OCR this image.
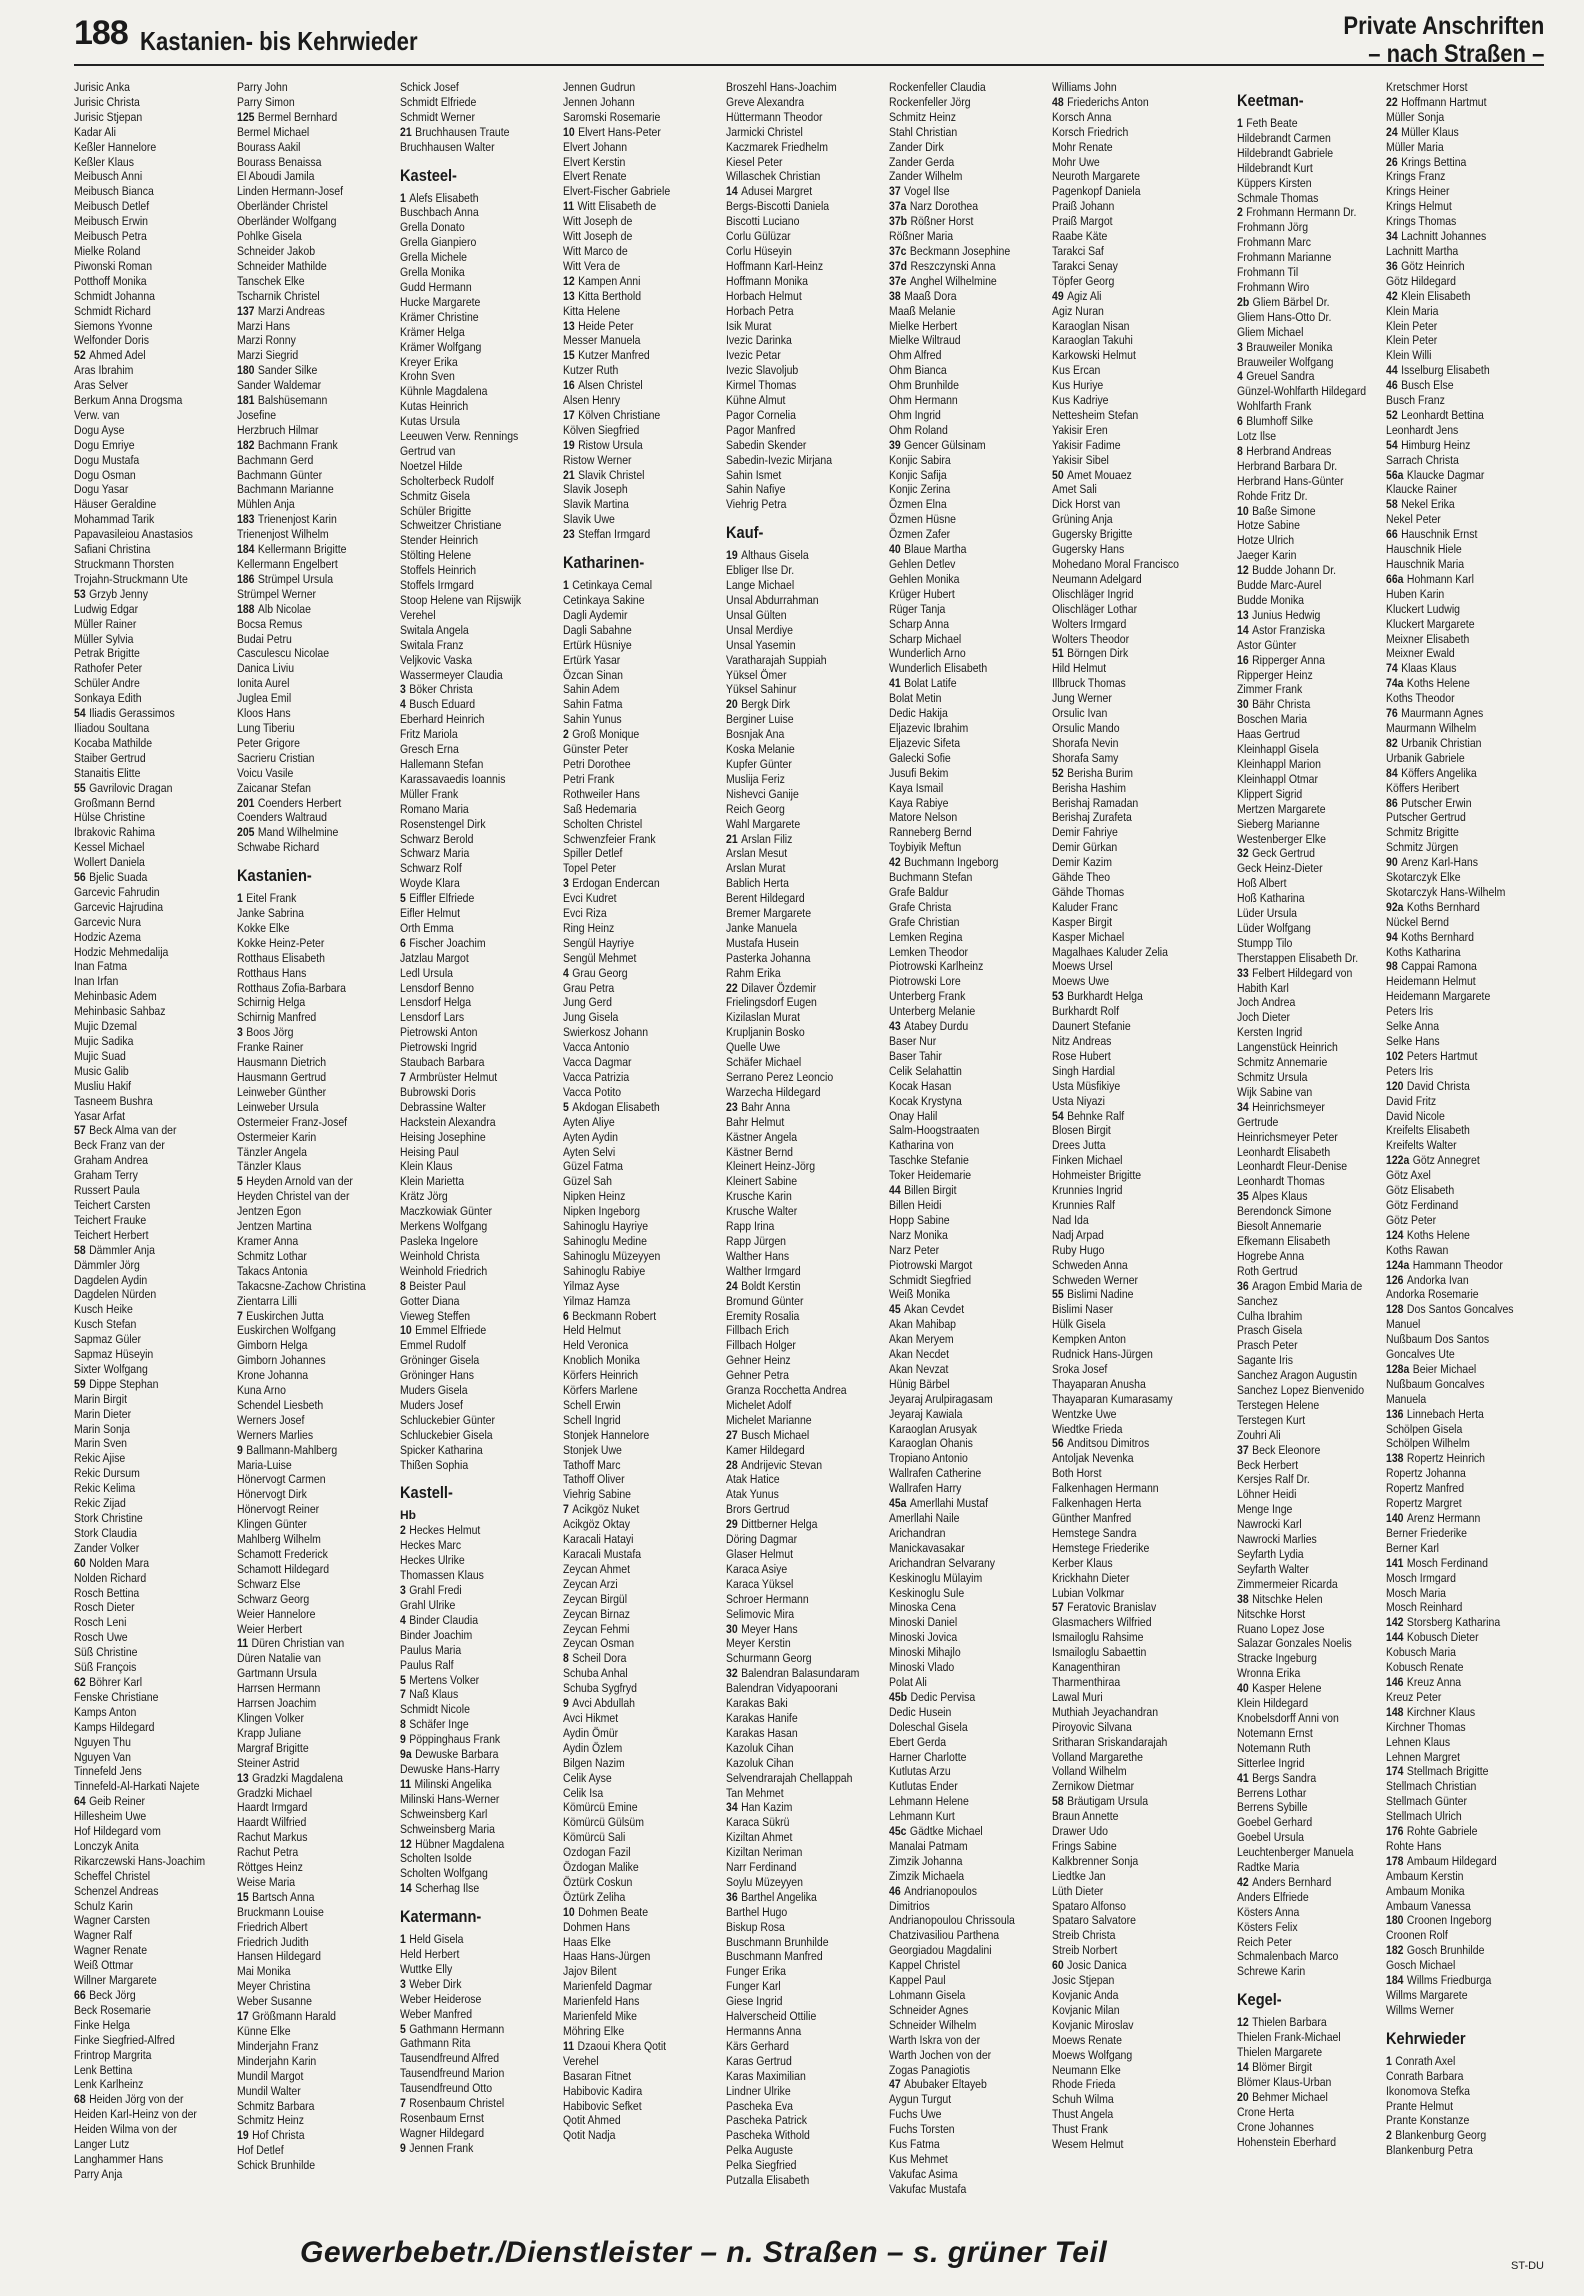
188 Kastanien- bis Kehrwieder	Private Anschriften
– nach Straßen –
Jurisic Anka
Jurisic Christa
Jurisic Stjepan
Kadar Ali
Keßler Hannelore
Keßler Klaus
Meibusch Anni
Meibusch Bianca
Meibusch Detlef
Meibusch Erwin
Meibusch Petra
Mielke Roland
Piwonski Roman
Potthoff Monika
Schmidt Johanna
Schmidt Richard
Siemons Yvonne
Welfonder Doris
52 Ahmed Adel
Aras Ibrahim
Aras Selver
Berkum Anna Drogsma
Verw. van
Dogu Ayse
Dogu Emriye
Dogu Mustafa
Dogu Osman
Dogu Yasar
Häuser Geraldine
Mohammad Tarik
Papavasileiou Anastasios
Safiani Christina
Struckmann Thorsten
Trojahn-Struckmann Ute
53 Grzyb Jenny
Ludwig Edgar
Müller Rainer
Müller Sylvia
Petrak Brigitte
Rathofer Peter
Schüler Andre
Sonkaya Edith
54 Iliadis Gerassimos
Iliadou Soultana
Kocaba Mathilde
Staiber Gertrud
Stanaitis Elitte
55 Gavrilovic Dragan
Großmann Bernd
Hülse Christine
Ibrakovic Rahima
Kessel Michael
Wollert Daniela
56 Bjelic Suada
Garcevic Fahrudin
Garcevic Hajrudina
Garcevic Nura
Hodzic Azema
Hodzic Mehmedalija
Inan Fatma
Inan Irfan
Mehinbasic Adem
Mehinbasic Sahbaz
Mujic Dzemal
Mujic Sadika
Mujic Suad
Music Galib
Musliu Hakif
Tasneem Bushra
Yasar Arfat
57 Beck Alma van der
Beck Franz van der
Graham Andrea
Graham Terry
Russert Paula
Teichert Carsten
Teichert Frauke
Teichert Herbert
58 Dämmler Anja
Dämmler Jörg
Dagdelen Aydin
Dagdelen Nürden
Kusch Heike
Kusch Stefan
Sapmaz Güler
Sapmaz Hüseyin
Sixter Wolfgang
59 Dippe Stephan
Marin Birgit
Marin Dieter
Marin Sonja
Marin Sven
Rekic Ajise
Rekic Dursum
Rekic Kelima
Rekic Zijad
Stork Christine
Stork Claudia
Zander Volker
60 Nolden Mara
Nolden Richard
Rosch Bettina
Rosch Dieter
Rosch Leni
Rosch Uwe
Süß Christine
Süß François
62 Böhrer Karl
Fenske Christiane
Kamps Anton
Kamps Hildegard
Nguyen Thu
Nguyen Van
Tinnefeld Jens
Tinnefeld-Al-Harkati Najete
64 Geib Reiner
Hillesheim Uwe
Hof Hildegard vom
Lonczyk Anita
Rikarczewski Hans-Joachim
Scheffel Christel
Schenzel Andreas
Schulz Karin
Wagner Carsten
Wagner Ralf
Wagner Renate
Weiß Ottmar
Willner Margarete
66 Beck Jörg
Beck Rosemarie
Finke Helga
Finke Siegfried-Alfred
Frintrop Margrita
Lenk Bettina
Lenk Karlheinz
68 Heiden Jörg von der
Heiden Karl-Heinz von der
Heiden Wilma von der
Langer Lutz
Langhammer Hans
Parry Anja
Parry John
Parry Simon
125 Bermel Bernhard
Bermel Michael
Bourass Aakil
Bourass Benaissa
El Aboudi Jamila
Linden Hermann-Josef
Oberländer Christel
Oberländer Wolfgang
Pohlke Gisela
Schneider Jakob
Schneider Mathilde
Tanschek Elke
Tscharnik Christel
137 Marzi Andreas
Marzi Hans
Marzi Ronny
Marzi Siegrid
180 Sander Silke
Sander Waldemar
181 Balshüsemann
Josefine
Herzbruch Hilmar
182 Bachmann Frank
Bachmann Gerd
Bachmann Günter
Bachmann Marianne
Mühlen Anja
183 Trienenjost Karin
Trienenjost Wilhelm
184 Kellermann Brigitte
Kellermann Engelbert
186 Strümpel Ursula
Strümpel Werner
188 Alb Nicolae
Bocsa Remus
Budai Petru
Casculescu Nicolae
Danica Liviu
Ionita Aurel
Juglea Emil
Kloos Hans
Lung Tiberiu
Peter Grigore
Sacrieru Cristian
Voicu Vasile
Zaicanar Stefan
201 Coenders Herbert
Coenders Waltraud
205 Mand Wilhelmine
Schwabe Richard
Kastanien-
1 Eitel Frank
Janke Sabrina
Kokke Elke
Kokke Heinz-Peter
Rotthaus Elisabeth
Rotthaus Hans
Rotthaus Zofia-Barbara
Schirnig Helga
Schirnig Manfred
3 Boos Jörg
Franke Rainer
Hausmann Dietrich
Hausmann Gertrud
Leinweber Günther
Leinweber Ursula
Ostermeier Franz-Josef
Ostermeier Karin
Tänzler Angela
Tänzler Klaus
5 Heyden Arnold van der
Heyden Christel van der
Jentzen Egon
Jentzen Martina
Kramer Anna
Schmitz Lothar
Takacs Antonia
Takacsne-Zachow Christina
Zientarra Lilli
7 Euskirchen Jutta
Euskirchen Wolfgang
Gimborn Helga
Gimborn Johannes
Krone Johanna
Kuna Arno
Schendel Liesbeth
Werners Josef
Werners Marlies
9 Ballmann-Mahlberg
Maria-Luise
Hönervogt Carmen
Hönervogt Dirk
Hönervogt Reiner
Klingen Günter
Mahlberg Wilhelm
Schamott Frederick
Schamott Hildegard
Schwarz Else
Schwarz Georg
Weier Hannelore
Weier Herbert
11 Düren Christian van
Düren Natalie van
Gartmann Ursula
Harrsen Hermann
Harrsen Joachim
Klingen Volker
Krapp Juliane
Margraf Brigitte
Steiner Astrid
13 Gradzki Magdalena
Gradzki Michael
Haardt Irmgard
Haardt Wilfried
Rachut Markus
Rachut Petra
Röttges Heinz
Weise Maria
15 Bartsch Anna
Bruckmann Louise
Friedrich Albert
Friedrich Judith
Hansen Hildegard
Mai Monika
Meyer Christina
Weber Susanne
17 Größmann Harald
Künne Elke
Minderjahn Franz
Minderjahn Karin
Mundil Margot
Mundil Walter
Schmitz Barbara
Schmitz Heinz
19 Hof Christa
Hof Detlef
Schick Brunhilde
Schick Josef
Schmidt Elfriede
Schmidt Werner
21 Bruchhausen Traute
Bruchhausen Walter
Kasteel-
1 Alefs Elisabeth
Buschbach Anna
Grella Donato
Grella Gianpiero
Grella Michele
Grella Monika
Gudd Hermann
Hucke Margarete
Krämer Christine
Krämer Helga
Krämer Wolfgang
Kreyer Erika
Krohn Sven
Kühnle Magdalena
Kutas Heinrich
Kutas Ursula
Leeuwen Verw. Rennings
Gertrud van
Noetzel Hilde
Scholterbeck Rudolf
Schmitz Gisela
Schüler Brigitte
Schweitzer Christiane
Stender Heinrich
Stölting Helene
Stoffels Heinrich
Stoffels Irmgard
Stoop Helene van Rijswijk
Verehel
Switala Angela
Switala Franz
Veljkovic Vaska
Wassermeyer Claudia
3 Böker Christa
4 Busch Eduard
Eberhard Heinrich
Fritz Mariola
Gresch Erna
Hallemann Stefan
Karassavaedis Ioannis
Müller Frank
Romano Maria
Rosenstengel Dirk
Schwarz Berold
Schwarz Maria
Schwarz Rolf
Woyde Klara
5 Eiffler Elfriede
Eifler Helmut
Orth Emma
6 Fischer Joachim
Jatzlau Margot
Ledl Ursula
Lensdorf Benno
Lensdorf Helga
Lensdorf Lars
Pietrowski Anton
Pietrowski Ingrid
Staubach Barbara
7 Armbrüster Helmut
Bubrowski Doris
Debrassine Walter
Hackstein Alexandra
Heising Josephine
Heising Paul
Klein Klaus
Klein Marietta
Krätz Jörg
Maczkowiak Günter
Merkens Wolfgang
Pasleka Ingelore
Weinhold Christa
Weinhold Friedrich
8 Beister Paul
Gotter Diana
Vieweg Steffen
10 Emmel Elfriede
Emmel Rudolf
Gröninger Gisela
Gröninger Hans
Muders Gisela
Muders Josef
Schluckebier Günter
Schluckebier Gisela
Spicker Katharina
Thißen Sophia
Kastell-
Hb
2 Heckes Helmut
Heckes Marc
Heckes Ulrike
Thomassen Klaus
3 Grahl Fredi
Grahl Ulrike
4 Binder Claudia
Binder Joachim
Paulus Maria
Paulus Ralf
5 Mertens Volker
7 Naß Klaus
Schmidt Nicole
8 Schäfer Inge
9 Pöppinghaus Frank
9a Dewuske Barbara
Dewuske Hans-Harry
11 Milinski Angelika
Milinski Hans-Werner
Schweinsberg Karl
Schweinsberg Maria
12 Hübner Magdalena
Scholten Isolde
Scholten Wolfgang
14 Scherhag Ilse
Katermann-
1 Held Gisela
Held Herbert
Wuttke Elly
3 Weber Dirk
Weber Heiderose
Weber Manfred
5 Gathmann Hermann
Gathmann Rita
Tausendfreund Alfred
Tausendfreund Marion
Tausendfreund Otto
7 Rosenbaum Christel
Rosenbaum Ernst
Wagner Hildegard
9 Jennen Frank
Jennen Gudrun
Jennen Johann
Saromski Rosemarie
10 Elvert Hans-Peter
Elvert Johann
Elvert Kerstin
Elvert Renate
Elvert-Fischer Gabriele
11 Witt Elisabeth de
Witt Joseph de
Witt Joseph de
Witt Marco de
Witt Vera de
12 Kampen Anni
13 Kitta Berthold
Kitta Helene
13 Heide Peter
Messer Manuela
15 Kutzer Manfred
Kutzer Ruth
16 Alsen Christel
Alsen Henry
17 Kölven Christiane
Kölven Siegfried
19 Ristow Ursula
Ristow Werner
21 Slavik Christel
Slavik Joseph
Slavik Martina
Slavik Uwe
23 Steffan Irmgard
Katharinen-
1 Cetinkaya Cemal
Cetinkaya Sakine
Dagli Aydemir
Dagli Sabahne
Ertürk Hüsniye
Ertürk Yasar
Özcan Sinan
Sahin Adem
Sahin Fatma
Sahin Yunus
2 Groß Monique
Günster Peter
Petri Dorothee
Petri Frank
Rothweiler Hans
Saß Hedemaria
Scholten Christel
Schwenzfeier Frank
Spiller Detlef
Topel Peter
3 Erdogan Endercan
Evci Kudret
Evci Riza
Ring Heinz
Sengül Hayriye
Sengül Mehmet
4 Grau Georg
Grau Petra
Jung Gerd
Jung Gisela
Swierkosz Johann
Vacca Antonio
Vacca Dagmar
Vacca Patrizia
Vacca Potito
5 Akdogan Elisabeth
Ayten Aliye
Ayten Aydin
Ayten Selvi
Güzel Fatma
Güzel Sah
Nipken Heinz
Nipken Ingeborg
Sahinoglu Hayriye
Sahinoglu Medine
Sahinoglu Müzeyyen
Sahinoglu Rabiye
Yilmaz Ayse
Yilmaz Hamza
6 Beckmann Robert
Held Helmut
Held Veronica
Knoblich Monika
Körfers Heinrich
Körfers Marlene
Schell Erwin
Schell Ingrid
Stonjek Hannelore
Stonjek Uwe
Tathoff Marc
Tathoff Oliver
Viehrig Sabine
7 Acikgöz Nuket
Acikgöz Oktay
Karacali Hatayi
Karacali Mustafa
Zeycan Ahmet
Zeycan Arzi
Zeycan Birgül
Zeycan Birnaz
Zeycan Fehmi
Zeycan Osman
8 Scheil Dora
Schuba Anhal
Schuba Sygfryd
9 Avci Abdullah
Avci Hikmet
Aydin Ömür
Aydin Özlem
Bilgen Nazim
Celik Ayse
Celik Isa
Kömürcü Emine
Kömürcü Gülsüm
Kömürcü Sali
Ozdogan Fazil
Özdogan Malike
Öztürk Coskun
Öztürk Zeliha
10 Dohmen Beate
Dohmen Hans
Haas Elke
Haas Hans-Jürgen
Jajov Bilent
Marienfeld Dagmar
Marienfeld Hans
Marienfeld Mike
Möhring Elke
11 Dzaoui Khera Qotit
Verehel
Basaran Fitnet
Habibovic Kadira
Habibovic Sefket
Qotit Ahmed
Qotit Nadja
Broszehl Hans-Joachim
Greve Alexandra
Hüttermann Theodor
Jarmicki Christel
Kaczmarek Friedhelm
Kiesel Peter
Willaschek Christian
14 Adusei Margret
Bergs-Biscotti Daniela
Biscotti Luciano
Corlu Gülüzar
Corlu Hüseyin
Hoffmann Karl-Heinz
Hoffmann Monika
Horbach Helmut
Horbach Petra
Isik Murat
Ivezic Darinka
Ivezic Petar
Ivezic Slavoljub
Kirmel Thomas
Kühne Almut
Pagor Cornelia
Pagor Manfred
Sabedin Skender
Sabedin-Ivezic Mirjana
Sahin Ismet
Sahin Nafiye
Viehrig Petra
Kauf-
19 Althaus Gisela
Ebliger Ilse Dr.
Lange Michael
Unsal Abdurrahman
Unsal Gülten
Unsal Merdiye
Unsal Yasemin
Varatharajah Suppiah
Yüksel Ömer
Yüksel Sahinur
20 Bergk Dirk
Berginer Luise
Bosnjak Ana
Koska Melanie
Kupfer Günter
Muslija Feriz
Nishevci Ganije
Reich Georg
Wahl Margarete
21 Arslan Filiz
Arslan Mesut
Arslan Murat
Bablich Herta
Berent Hildegard
Bremer Margarete
Janke Manuela
Mustafa Husein
Pasterka Johanna
Rahm Erika
22 Dilaver Özdemir
Frielingsdorf Eugen
Kizilaslan Murat
Krupljanin Bosko
Quelle Uwe
Schäfer Michael
Serrano Perez Leoncio
Warzecha Hildegard
23 Bahr Anna
Bahr Helmut
Kästner Angela
Kästner Bernd
Kleinert Heinz-Jörg
Kleinert Sabine
Krusche Karin
Krusche Walter
Rapp Irina
Rapp Jürgen
Walther Hans
Walther Irmgard
24 Boldt Kerstin
Bromund Günter
Eremity Rosalia
Fillbach Erich
Fillbach Holger
Gehner Heinz
Gehner Petra
Granza Rocchetta Andrea
Michelet Adolf
Michelet Marianne
27 Busch Michael
Kamer Hildegard
28 Andrijevic Stevan
Atak Hatice
Atak Yunus
Brors Gertrud
29 Dittberner Helga
Döring Dagmar
Glaser Helmut
Karaca Asiye
Karaca Yüksel
Schroer Hermann
Selimovic Mira
30 Meyer Hans
Meyer Kerstin
Schurmann Georg
32 Balendran Balasundaram
Balendran Vidyapoorani
Karakas Baki
Karakas Hanife
Karakas Hasan
Kazoluk Cihan
Kazoluk Cihan
Selvendrarajah Chellappah
Tan Mehmet
34 Han Kazim
Karaca Sükrü
Kiziltan Ahmet
Kiziltan Neriman
Narr Ferdinand
Soylu Müzeyyen
36 Barthel Angelika
Barthel Hugo
Biskup Rosa
Buschmann Brunhilde
Buschmann Manfred
Funger Erika
Funger Karl
Giese Ingrid
Halverscheid Ottilie
Hermanns Anna
Kärs Gerhard
Karas Gertrud
Karas Maximilian
Lindner Ulrike
Pascheka Eva
Pascheka Patrick
Pascheka Withold
Pelka Auguste
Pelka Siegfried
Putzalla Elisabeth
Rockenfeller Claudia
Rockenfeller Jörg
Schmitz Heinz
Stahl Christian
Zander Dirk
Zander Gerda
Zander Wilhelm
37 Vogel Ilse
37a Narz Dorothea
37b Rößner Horst
Rößner Maria
37c Beckmann Josephine
37d Reszczynski Anna
37e Anghel Wilhelmine
38 Maaß Dora
Maaß Melanie
Mielke Herbert
Mielke Wiltraud
Ohm Alfred
Ohm Bianca
Ohm Brunhilde
Ohm Hermann
Ohm Ingrid
Ohm Roland
39 Gencer Gülsinam
Konjic Sabira
Konjic Safija
Konjic Zerina
Özmen Elna
Özmen Hüsne
Özmen Zafer
40 Blaue Martha
Gehlen Detlev
Gehlen Monika
Krüger Hubert
Rüger Tanja
Scharp Anna
Scharp Michael
Wunderlich Arno
Wunderlich Elisabeth
41 Bolat Latife
Bolat Metin
Dedic Hakija
Eljazevic Ibrahim
Eljazevic Sifeta
Galecki Sofie
Jusufi Bekim
Kaya Ismail
Kaya Rabiye
Matore Nelson
Ranneberg Bernd
Toybiyik Meftun
42 Buchmann Ingeborg
Buchmann Stefan
Grafe Baldur
Grafe Christa
Grafe Christian
Lemken Regina
Lemken Theodor
Piotrowski Karlheinz
Piotrowski Lore
Unterberg Frank
Unterberg Melanie
43 Atabey Durdu
Baser Nur
Baser Tahir
Celik Selahattin
Kocak Hasan
Kocak Krystyna
Onay Halil
Salm-Hoogstraaten
Katharina von
Taschke Stefanie
Toker Heidemarie
44 Billen Birgit
Billen Heidi
Hopp Sabine
Narz Monika
Narz Peter
Piotrowski Margot
Schmidt Siegfried
Weiß Monika
45 Akan Cevdet
Akan Mahibap
Akan Meryem
Akan Necdet
Akan Nevzat
Hünig Bärbel
Jeyaraj Arulpiragasam
Jeyaraj Kawiala
Karaoglan Arusyak
Karaoglan Ohanis
Tropiano Antonio
Wallrafen Catherine
Wallrafen Harry
45a Amerllahi Mustaf
Amerllahi Naile
Arichandran
Manickavasakar
Arichandran Selvarany
Keskinoglu Mülayim
Keskinoglu Sule
Minoska Cena
Minoski Daniel
Minoski Jovica
Minoski Mihajlo
Minoski Vlado
Polat Ali
45b Dedic Pervisa
Dedic Husein
Doleschal Gisela
Ebert Gerda
Harner Charlotte
Kutlutas Arzu
Kutlutas Ender
Lehmann Helene
Lehmann Kurt
45c Gädtke Michael
Manalai Patmam
Zimzik Johanna
Zimzik Michaela
46 Andrianopoulos
Dimitrios
Andrianopoulou Chrissoula
Chatzivasiliou Parthena
Georgiadou Magdalini
Kappel Christel
Kappel Paul
Lohmann Gisela
Schneider Agnes
Schneider Wilhelm
Warth Iskra von der
Warth Jochen von der
Zogas Panagiotis
47 Abubaker Eltayeb
Aygun Turgut
Fuchs Uwe
Fuchs Torsten
Kus Fatma
Kus Mehmet
Vakufac Asima
Vakufac Mustafa
Williams John
48 Friederichs Anton
Korsch Anna
Korsch Friedrich
Mohr Renate
Mohr Uwe
Neuroth Margarete
Pagenkopf Daniela
Praiß Johann
Praiß Margot
Raabe Käte
Tarakci Saf
Tarakci Senay
Töpfer Georg
49 Agiz Ali
Agiz Nuran
Karaoglan Nisan
Karaoglan Takuhi
Karkowski Helmut
Kus Ercan
Kus Huriye
Kus Kadriye
Nettesheim Stefan
Yakisir Eren
Yakisir Fadime
Yakisir Sibel
50 Amet Mouaez
Amet Sali
Dick Horst van
Grüning Anja
Gugersky Brigitte
Gugersky Hans
Mohedano Moral Francisco
Neumann Adelgard
Olischläger Ingrid
Olischläger Lothar
Wolters Irmgard
Wolters Theodor
51 Börngen Dirk
Hild Helmut
Illbruck Thomas
Jung Werner
Orsulic Ivan
Orsulic Mando
Shorafa Nevin
Shorafa Samy
52 Berisha Burim
Berisha Hashim
Berishaj Ramadan
Berishaj Zurafeta
Demir Fahriye
Demir Gürkan
Demir Kazim
Gähde Theo
Gähde Thomas
Kaluder Franc
Kasper Birgit
Kasper Michael
Magalhaes Kaluder Zelia
Moews Ursel
Moews Uwe
53 Burkhardt Helga
Burkhardt Rolf
Daunert Stefanie
Nitz Andreas
Rose Hubert
Singh Hardial
Usta Müsfikiye
Usta Niyazi
54 Behnke Ralf
Blosen Birgit
Drees Jutta
Finken Michael
Hohmeister Brigitte
Krunnies Ingrid
Krunnies Ralf
Nad Ida
Nadj Arpad
Ruby Hugo
Schweden Anna
Schweden Werner
55 Bislimi Nadine
Bislimi Naser
Hülk Gisela
Kempken Anton
Rudnick Hans-Jürgen
Sroka Josef
Thayaparan Anusha
Thayaparan Kumarasamy
Wentzke Uwe
Wiedtke Frieda
56 Anditsou Dimitros
Antoljak Nevenka
Both Horst
Falkenhagen Hermann
Falkenhagen Herta
Günther Manfred
Hemstege Sandra
Hemstege Friederike
Kerber Klaus
Krickhahn Dieter
Lubian Volkmar
57 Feratovic Branislav
Glasmachers Wilfried
Ismailoglu Rahsime
Ismailoglu Sabaettin
Kanagenthiran
Tharmenthiraa
Lawal Muri
Muthiah Jeyachandran
Piroyovic Silvana
Sritharan Sriskandarajah
Volland Margarethe
Volland Wilhelm
Zernikow Dietmar
58 Bräutigam Ursula
Braun Annette
Drawer Udo
Frings Sabine
Kalkbrenner Sonja
Liedtke Jan
Lüth Dieter
Spataro Alfonso
Spataro Salvatore
Streib Christa
Streib Norbert
60 Josic Danica
Josic Stjepan
Kovjanic Anda
Kovjanic Milan
Kovjanic Miroslav
Moews Renate
Moews Wolfgang
Neumann Elke
Rhode Frieda
Schuh Wilma
Thust Angela
Thust Frank
Wesem Helmut
Keetman-
1 Feth Beate
Hildebrandt Carmen
Hildebrandt Gabriele
Hildebrandt Kurt
Küppers Kirsten
Schmale Thomas
2 Frohmann Hermann Dr.
Frohmann Jörg
Frohmann Marc
Frohmann Marianne
Frohmann Til
Frohmann Wiro
2b Gliem Bärbel Dr.
Gliem Hans-Otto Dr.
Gliem Michael
3 Brauweiler Monika
Brauweiler Wolfgang
4 Greuel Sandra
Günzel-Wohlfarth Hildegard
Wohlfarth Frank
6 Blumhoff Silke
Lotz Ilse
8 Herbrand Andreas
Herbrand Barbara Dr.
Herbrand Hans-Günter
Rohde Fritz Dr.
10 Baße Simone
Hotze Sabine
Hotze Ulrich
Jaeger Karin
12 Budde Johann Dr.
Budde Marc-Aurel
Budde Monika
13 Junius Hedwig
14 Astor Franziska
Astor Günter
16 Ripperger Anna
Ripperger Heinz
Zimmer Frank
30 Bähr Christa
Boschen Maria
Haas Gertrud
Kleinhappl Gisela
Kleinhappl Marion
Kleinhappl Otmar
Klippert Sigrid
Mertzen Margarete
Sieberg Marianne
Westenberger Elke
32 Geck Gertrud
Geck Heinz-Dieter
Hoß Albert
Hoß Katharina
Lüder Ursula
Lüder Wolfgang
Stumpp Tilo
Therstappen Elisabeth Dr.
33 Felbert Hildegard von
Habith Karl
Joch Andrea
Joch Dieter
Kersten Ingrid
Langenstück Heinrich
Schmitz Annemarie
Schmitz Ursula
Wijk Sabine van
34 Heinrichsmeyer
Gertrude
Heinrichsmeyer Peter
Leonhardt Elisabeth
Leonhardt Fleur-Denise
Leonhardt Thomas
35 Alpes Klaus
Berendonck Simone
Biesolt Annemarie
Efkemann Elisabeth
Hogrebe Anna
Roth Gertrud
36 Aragon Embid Maria de
Sanchez
Culha Ibrahim
Prasch Gisela
Prasch Peter
Sagante Iris
Sanchez Aragon Augustin
Sanchez Lopez Bienvenido
Terstegen Helene
Terstegen Kurt
Zouhri Ali
37 Beck Eleonore
Beck Herbert
Kersjes Ralf Dr.
Löhner Heidi
Menge Inge
Nawrocki Karl
Nawrocki Marlies
Seyfarth Lydia
Seyfarth Walter
Zimmermeier Ricarda
38 Nitschke Helen
Nitschke Horst
Ruano Lopez Jose
Salazar Gonzales Noelis
Stracke Ingeburg
Wronna Erika
40 Kasper Helene
Klein Hildegard
Knobelsdorff Anni von
Notemann Ernst
Notemann Ruth
Sitterlee Ingrid
41 Bergs Sandra
Berrens Lothar
Berrens Sybille
Goebel Gerhard
Goebel Ursula
Leuchtenberger Manuela
Radtke Maria
42 Anders Bernhard
Anders Elfriede
Kösters Anna
Kösters Felix
Reich Peter
Schmalenbach Marco
Schrewe Karin
Kegel-
12 Thielen Barbara
Thielen Frank-Michael
Thielen Margarete
14 Blömer Birgit
Blömer Klaus-Urban
20 Behmer Michael
Crone Herta
Crone Johannes
Hohenstein Eberhard
Kretschmer Horst
22 Hoffmann Hartmut
Müller Sonja
24 Müller Klaus
Müller Maria
26 Krings Bettina
Krings Franz
Krings Heiner
Krings Helmut
Krings Thomas
34 Lachnitt Johannes
Lachnitt Martha
36 Götz Heinrich
Götz Hildegard
42 Klein Elisabeth
Klein Maria
Klein Peter
Klein Peter
Klein Willi
44 Isselburg Elisabeth
46 Busch Else
Busch Franz
52 Leonhardt Bettina
Leonhardt Jens
54 Himburg Heinz
Sarrach Christa
56a Klaucke Dagmar
Klaucke Rainer
58 Nekel Erika
Nekel Peter
66 Hauschnik Ernst
Hauschnik Hiele
Hauschnik Maria
66a Hohmann Karl
Huben Karin
Kluckert Ludwig
Kluckert Margarete
Meixner Elisabeth
Meixner Ewald
74 Klaas Klaus
74a Koths Helene
Koths Theodor
76 Maurmann Agnes
Maurmann Wilhelm
82 Urbanik Christian
Urbanik Gabriele
84 Köffers Angelika
Köffers Heribert
86 Putscher Erwin
Putscher Gertrud
Schmitz Brigitte
Schmitz Jürgen
90 Arenz Karl-Hans
Skotarczyk Elke
Skotarczyk Hans-Wilhelm
92a Koths Bernhard
Nückel Bernd
94 Koths Bernhard
Koths Katharina
98 Cappai Ramona
Heidemann Helmut
Heidemann Margarete
Peters Iris
Selke Anna
Selke Hans
102 Peters Hartmut
Peters Iris
120 David Christa
David Fritz
David Nicole
Kreifelts Elisabeth
Kreifelts Walter
122a Götz Annegret
Götz Axel
Götz Elisabeth
Götz Ferdinand
Götz Peter
124 Koths Helene
Koths Rawan
124a Hammann Theodor
126 Andorka Ivan
Andorka Rosemarie
128 Dos Santos Goncalves
Manuel
Nußbaum Dos Santos
Goncalves Ute
128a Beier Michael
Nußbaum Goncalves
Manuela
136 Linnebach Herta
Schölpen Gisela
Schölpen Wilhelm
138 Ropertz Heinrich
Ropertz Johanna
Ropertz Manfred
Ropertz Margret
140 Arenz Hermann
Berner Friederike
Berner Karl
141 Mosch Ferdinand
Mosch Irmgard
Mosch Maria
Mosch Reinhard
142 Storsberg Katharina
144 Kobusch Dieter
Kobusch Maria
Kobusch Renate
146 Kreuz Anna
Kreuz Peter
148 Kirchner Klaus
Kirchner Thomas
Lehnen Klaus
Lehnen Margret
174 Stellmach Brigitte
Stellmach Christian
Stellmach Günter
Stellmach Ulrich
176 Rohte Gabriele
Rohte Hans
178 Ambaum Hildegard
Ambaum Kerstin
Ambaum Monika
Ambaum Vanessa
180 Croonen Ingeborg
Croonen Rolf
182 Gosch Brunhilde
Gosch Michael
184 Willms Friedburga
Willms Margarete
Willms Werner
Kehrwieder
1 Conrath Axel
Conrath Barbara
Ikonomova Stefka
Prante Helmut
Prante Konstanze
2 Blankenburg Georg
Blankenburg Petra
Gewerbebetr./Dienstleister – n. Straßen – s. grüner Teil	ST-DU
